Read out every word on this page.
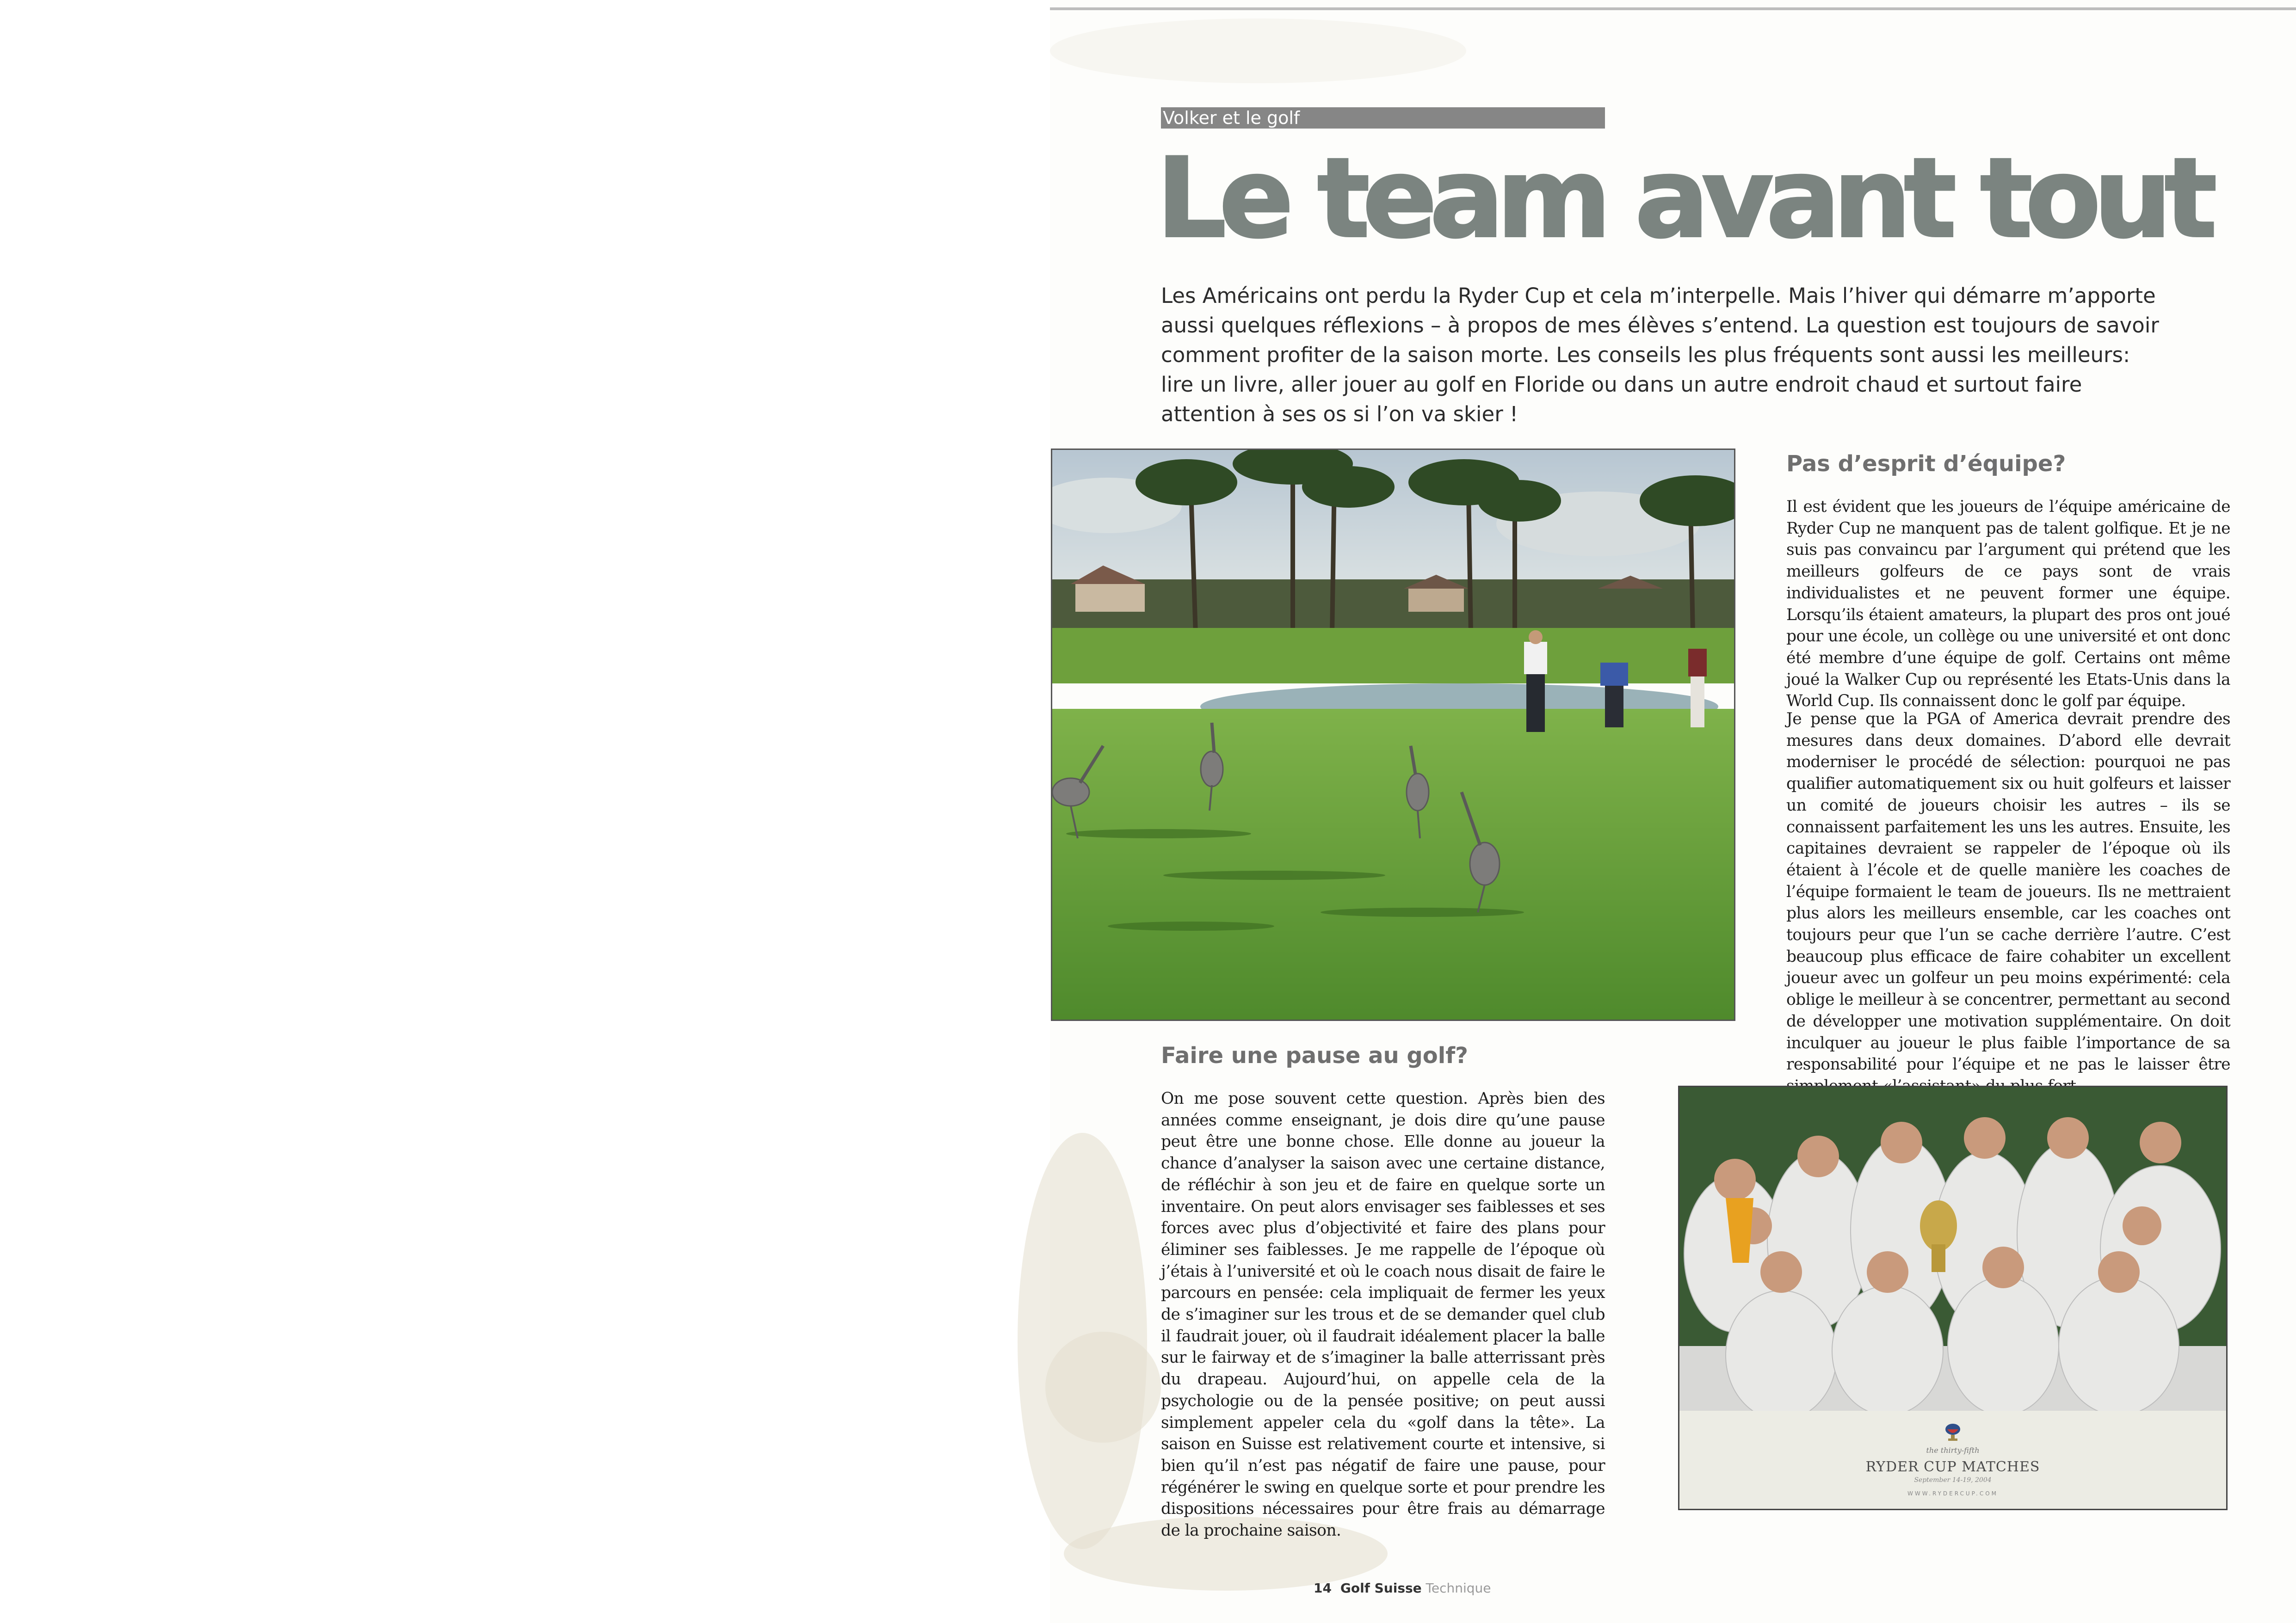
Volker et le golf
Le team avant tout

Les Américains ont perdu la Ryder Cup et cela m’interpelle. Mais l’hiver qui démarre m’apporte aussi quelques réflexions – à propos de mes élèves s’entend. La question est toujours de savoir comment profiter de la saison morte. Les conseils les plus fréquents sont aussi les meilleurs: lire un livre, aller jouer au golf en Floride ou dans un autre endroit chaud et surtout faire attention à ses os si l’on va skier !

Faire une pause au golf?

On me pose souvent cette question. Après bien des années comme enseignant, je dois dire qu’une pause peut être une bonne chose. Elle donne au joueur la chance d’analyser la saison avec une certaine distance, de réfléchir à son jeu et de faire en quelque sorte un inventaire. On peut alors envisager ses faiblesses et ses forces avec plus d’objectivité et faire des plans pour éliminer ses faiblesses. Je me rappelle de l’époque où j’étais à l’université et où le coach nous disait de faire le parcours en pensée: cela impliquait de fermer les yeux de s’imaginer sur les trous et de se demander quel club il faudrait jouer, où il faudrait idéalement placer la balle sur le fairway et de s’imaginer la balle atterrissant près du drapeau. Aujourd’hui, on appelle cela de la psychologie ou de la pensée positive; on peut aussi simplement appeler cela du «golf dans la tête». La saison en Suisse est relativement courte et intensive, si bien qu’il n’est pas négatif de faire une pause, pour régénérer le swing en quelque sorte et pour prendre les dispositions nécessaires pour être frais au démarrage de la prochaine saison.

Pas d’esprit d’équipe?

Il est évident que les joueurs de l’équipe américaine de Ryder Cup ne manquent pas de talent golfique. Et je ne suis pas convaincu par l’argument qui prétend que les meilleurs golfeurs de ce pays sont de vrais individualistes et ne peuvent former une équipe. Lorsqu’ils étaient amateurs, la plupart des pros ont joué pour une école, un collège ou une université et ont donc été membre d’une équipe de golf. Certains ont même joué la Walker Cup ou représenté les Etats-Unis dans la World Cup. Ils connaissent donc le golf par équipe.

Je pense que la PGA of America devrait prendre des mesures dans deux domaines. D’abord elle devrait moderniser le procédé de sélection: pourquoi ne pas qualifier automatiquement six ou huit golfeurs et laisser un comité de joueurs choisir les autres – ils se connaissent parfaitement les uns les autres. Ensuite, les capitaines devraient se rappeler de l’époque où ils étaient à l’école et de quelle manière les coaches de l’équipe formaient le team de joueurs. Ils ne mettraient plus alors les meilleurs ensemble, car les coaches ont toujours peur que l’un se cache derrière l’autre. C’est beaucoup plus efficace de faire cohabiter un excellent joueur avec un golfeur un peu moins expérimenté: cela oblige le meilleur à se concentrer, permettant au second de développer une motivation supplémentaire. On doit inculquer au joueur le plus faible l’importance de sa responsabilité pour l’équipe et ne pas le laisser être

the thirty-fifth
RYDER CUP MATCHES
September 14-19, 2004
WWW.RYDERCUP.COM
14 Golf Suisse Technique
